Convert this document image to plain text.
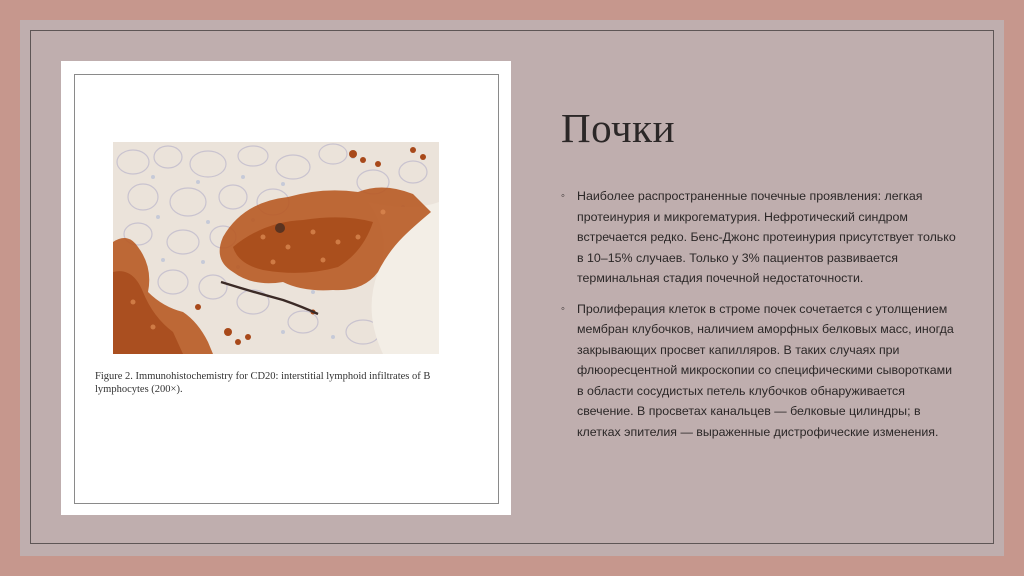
Figure 2. Immunohistochemistry for CD20: interstitial lymphoid infiltrates of B lymphocytes (200×).

Почки
◦ Наиболее распространенные почечные проявления: легкая протеинурия и микрогематурия. Нефротический синдром встречается редко. Бенс-Джонс протеинурия присутствует только в 10–15% случаев. Только у 3% пациентов развивается терминальная стадия почечной недостаточности.
◦ Пролиферация клеток в строме почек сочетается с утолщением мембран клубочков, наличием аморфных белковых масс, иногда закрывающих просвет капилляров. В таких случаях при флюоресцентной микроскопии со специфическими сыворотками в области сосудистых петель клубочков обнаруживается свечение. В просветах канальцев — белковые цилиндры; в клетках эпителия — выраженные дистрофические изменения.
